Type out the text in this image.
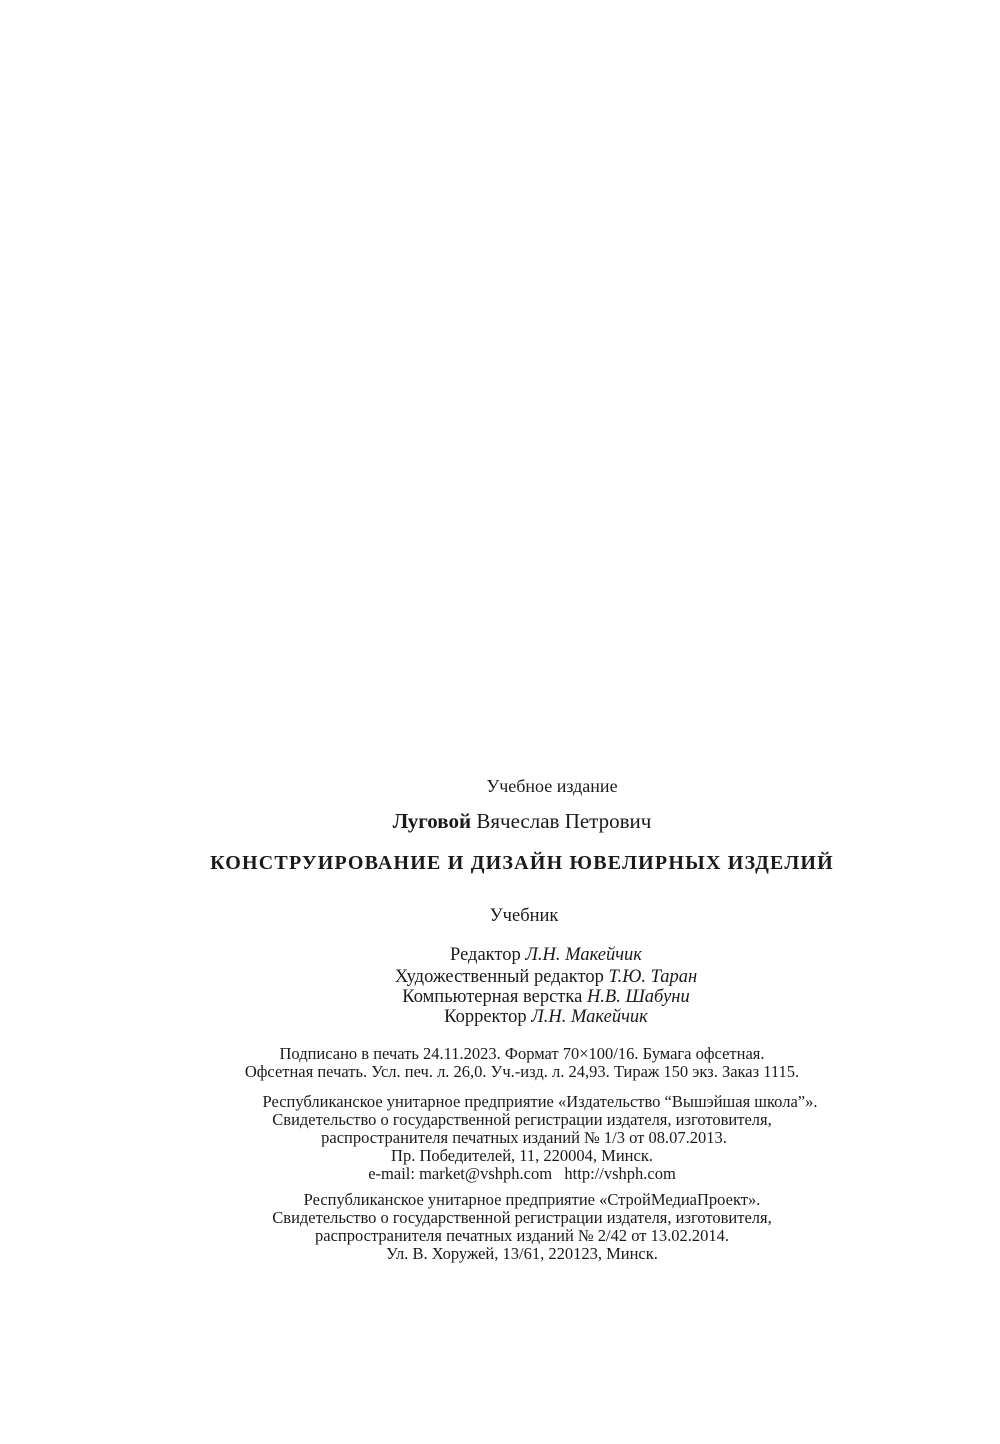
Учебное издание
Луговой Вячеслав Петрович
КОНСТРУИРОВАНИЕ И ДИЗАЙН ЮВЕЛИРНЫХ ИЗДЕЛИЙ
Учебник
Редактор Л.Н. Макейчик
Художественный редактор Т.Ю. Таран
Компьютерная верстка Н.В. Шабуни
Корректор Л.Н. Макейчик
Подписано в печать 24.11.2023. Формат 70×100/16. Бумага офсетная.
Офсетная печать. Усл. печ. л. 26,0. Уч.-изд. л. 24,93. Тираж 150 экз. Заказ 1115.
Республиканское унитарное предприятие «Издательство “Вышэйшая школа”».
Свидетельство о государственной регистрации издателя, изготовителя,
распространителя печатных изданий № 1/3 от 08.07.2013.
Пр. Победителей, 11, 220004, Минск.
e-mail: market@vshph.com   http://vshph.com
Республиканское унитарное предприятие «СтройМедиаПроект».
Свидетельство о государственной регистрации издателя, изготовителя,
распространителя печатных изданий № 2/42 от 13.02.2014.
Ул. В. Хоружей, 13/61, 220123, Минск.
